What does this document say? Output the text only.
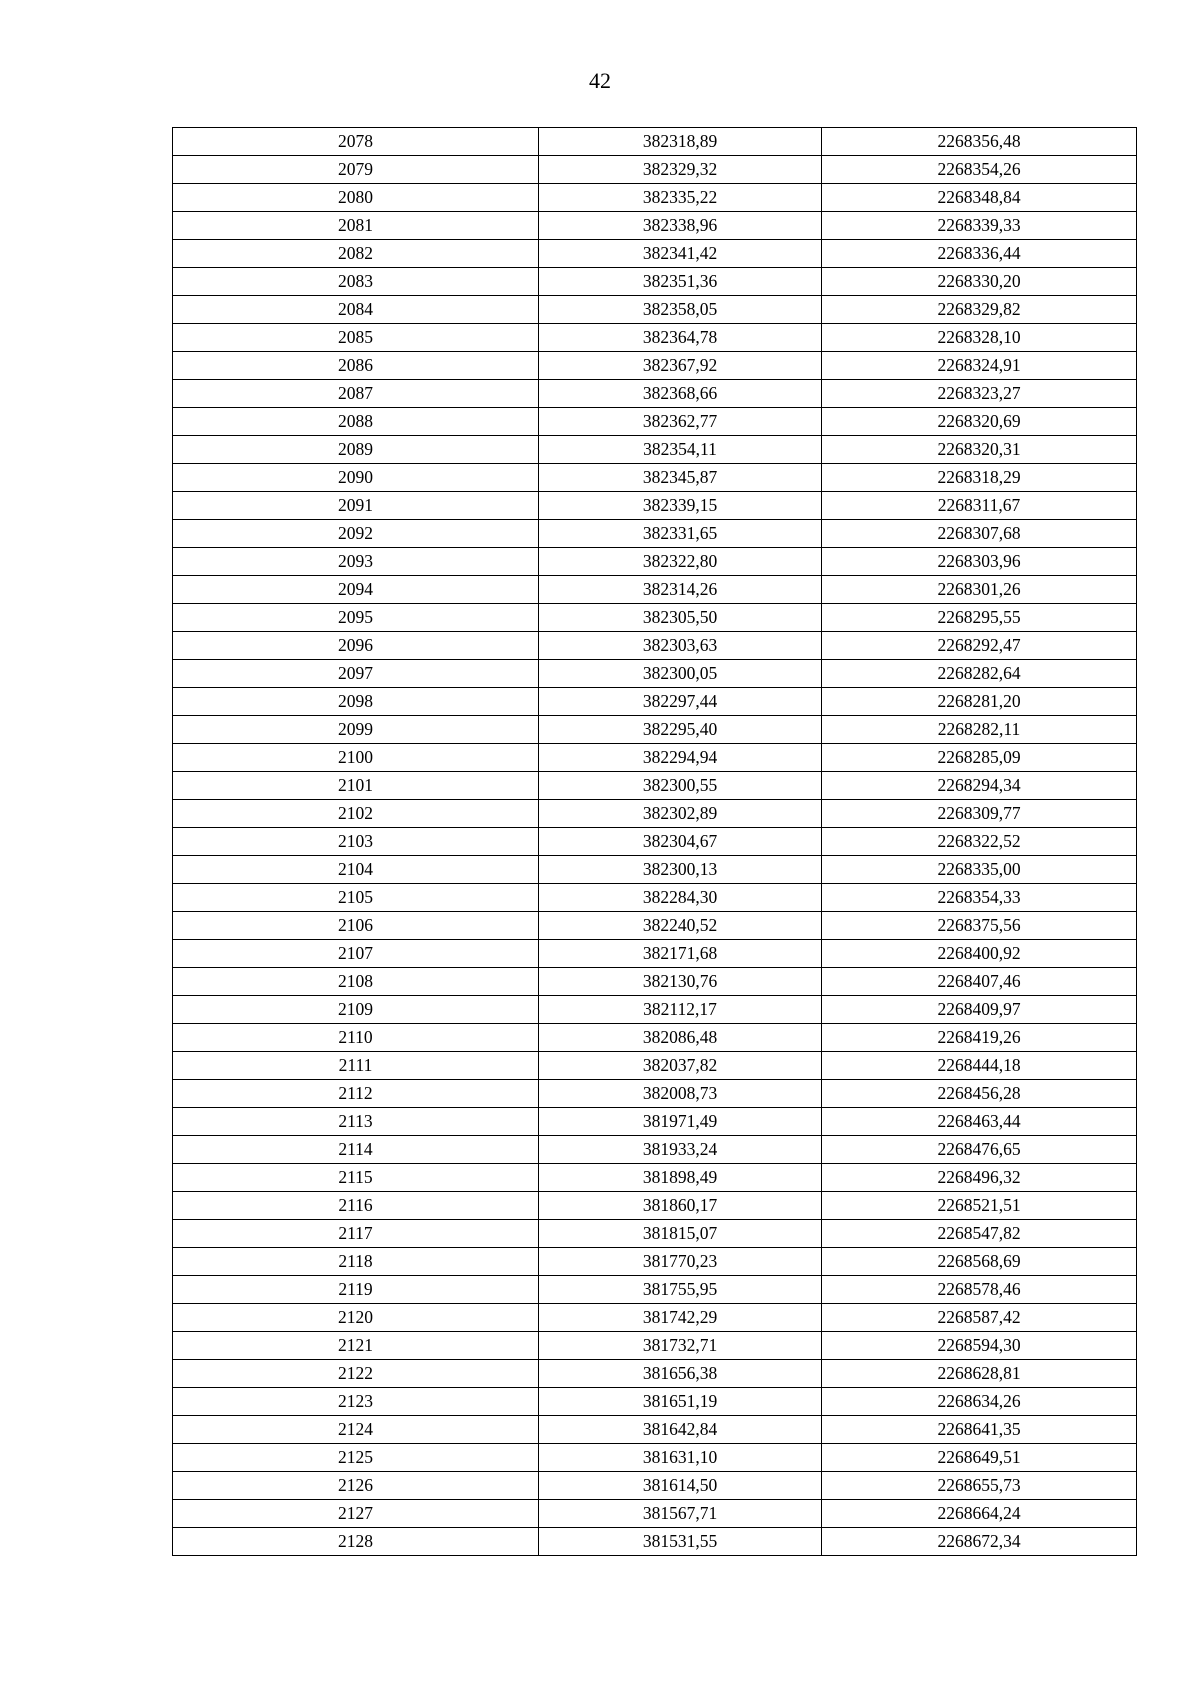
42
2078	382318,89	2268356,48
2079	382329,32	2268354,26
2080	382335,22	2268348,84
2081	382338,96	2268339,33
2082	382341,42	2268336,44
2083	382351,36	2268330,20
2084	382358,05	2268329,82
2085	382364,78	2268328,10
2086	382367,92	2268324,91
2087	382368,66	2268323,27
2088	382362,77	2268320,69
2089	382354,11	2268320,31
2090	382345,87	2268318,29
2091	382339,15	2268311,67
2092	382331,65	2268307,68
2093	382322,80	2268303,96
2094	382314,26	2268301,26
2095	382305,50	2268295,55
2096	382303,63	2268292,47
2097	382300,05	2268282,64
2098	382297,44	2268281,20
2099	382295,40	2268282,11
2100	382294,94	2268285,09
2101	382300,55	2268294,34
2102	382302,89	2268309,77
2103	382304,67	2268322,52
2104	382300,13	2268335,00
2105	382284,30	2268354,33
2106	382240,52	2268375,56
2107	382171,68	2268400,92
2108	382130,76	2268407,46
2109	382112,17	2268409,97
2110	382086,48	2268419,26
2111	382037,82	2268444,18
2112	382008,73	2268456,28
2113	381971,49	2268463,44
2114	381933,24	2268476,65
2115	381898,49	2268496,32
2116	381860,17	2268521,51
2117	381815,07	2268547,82
2118	381770,23	2268568,69
2119	381755,95	2268578,46
2120	381742,29	2268587,42
2121	381732,71	2268594,30
2122	381656,38	2268628,81
2123	381651,19	2268634,26
2124	381642,84	2268641,35
2125	381631,10	2268649,51
2126	381614,50	2268655,73
2127	381567,71	2268664,24
2128	381531,55	2268672,34
